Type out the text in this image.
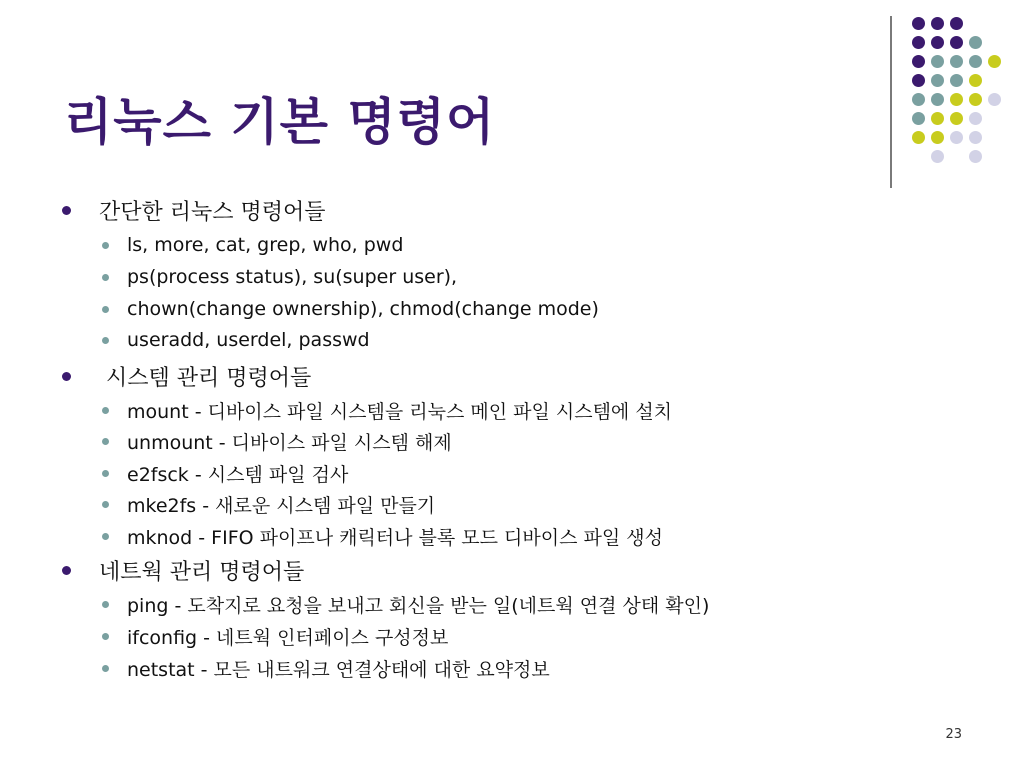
리눅스 기본 명령어
간단한 리눅스 명령어들
ls, more, cat, grep, who, pwd
ps(process status), su(super user),
chown(change ownership), chmod(change mode)
useradd, userdel, passwd
시스템 관리 명령어들
mount - 디바이스 파일 시스템을 리눅스 메인 파일 시스템에 설치
unmount - 디바이스 파일 시스템 해제
e2fsck - 시스템 파일 검사
mke2fs - 새로운 시스템 파일 만들기
mknod - FIFO 파이프나 캐릭터나 블록 모드 디바이스 파일 생성
네트웍 관리 명령어들
ping - 도착지로 요청을 보내고 회신을 받는 일(네트웍 연결 상태 확인)
ifconfig - 네트웍 인터페이스 구성정보
netstat - 모든 내트워크 연결상태에 대한 요약정보
23
